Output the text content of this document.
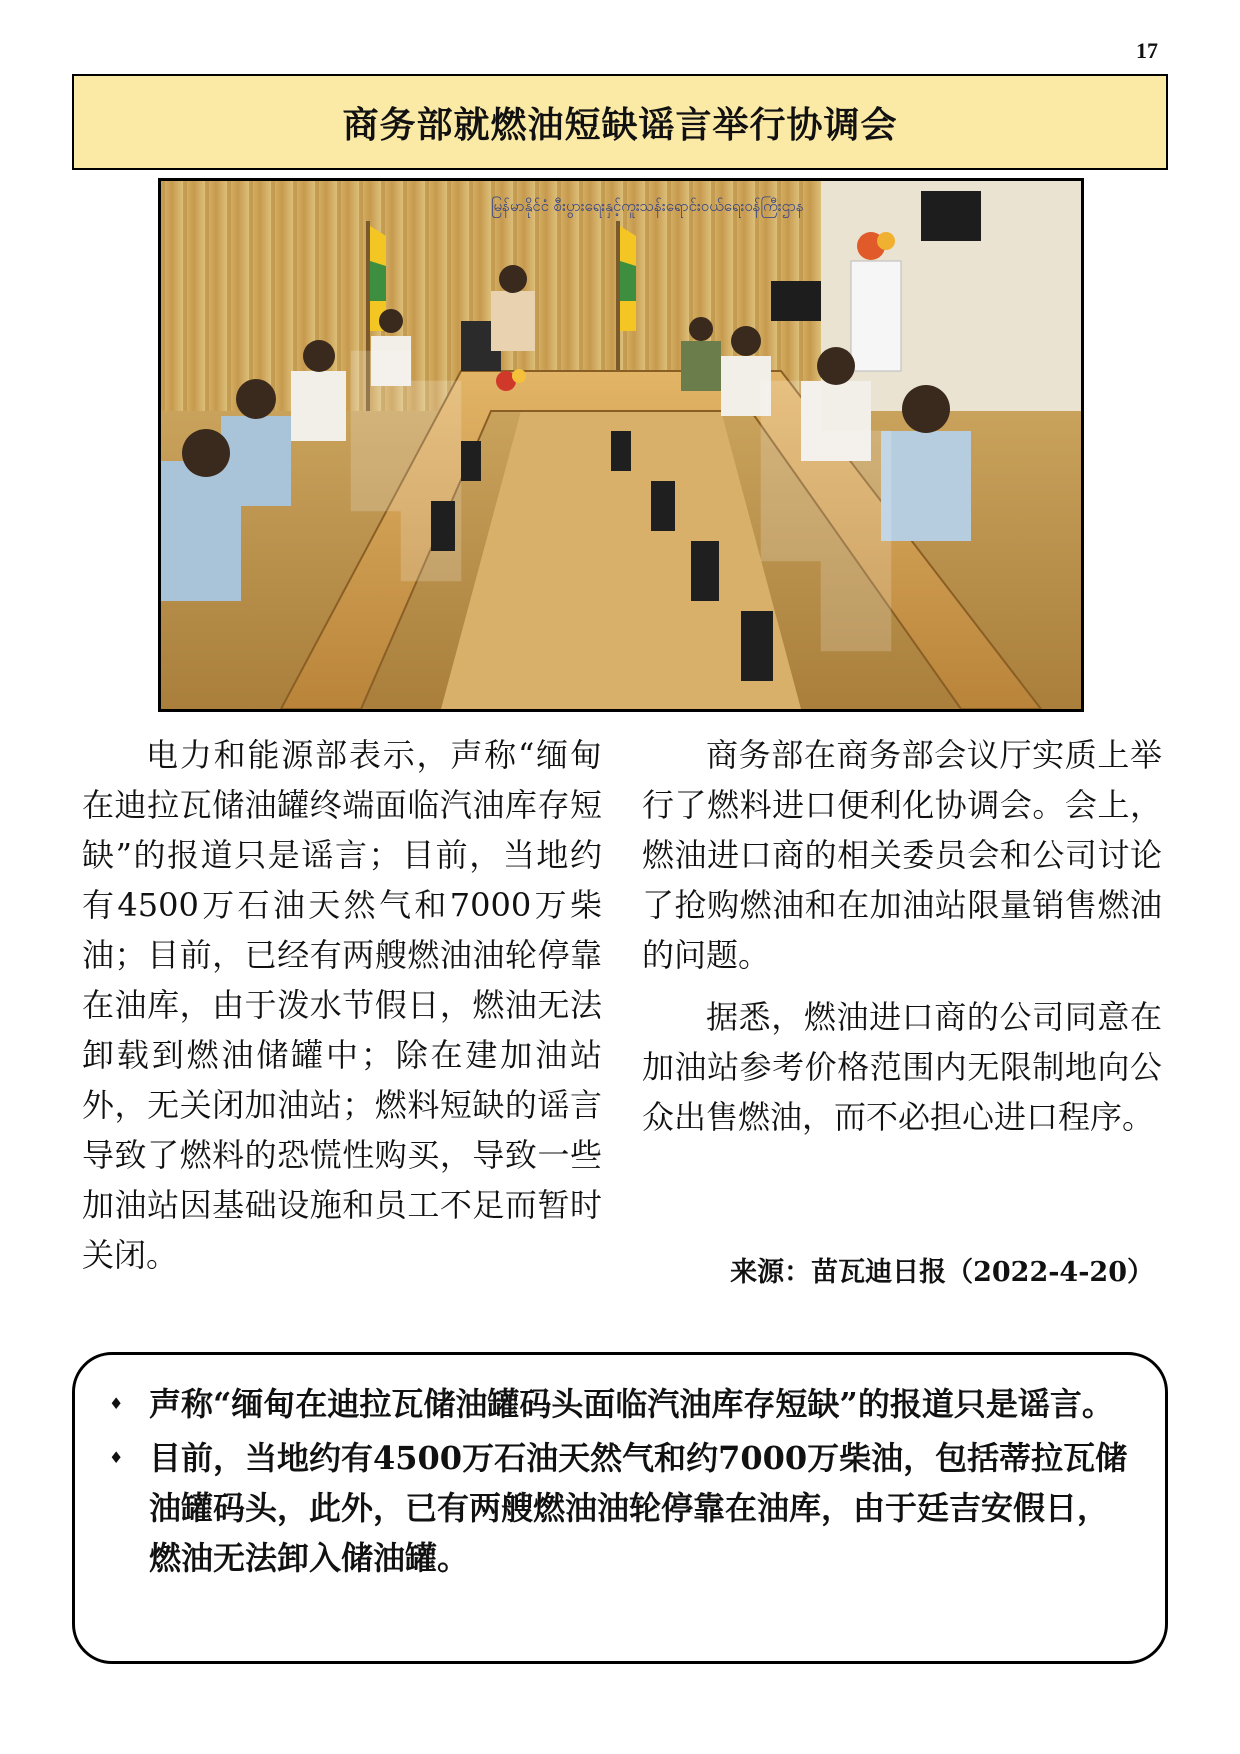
17
商务部就燃油短缺谣言举行协调会
မြန်မာနိုင်ငံ စီးပွားရေးနှင့်ကူးသန်းရောင်းဝယ်ရေးဝန်ကြီးဌာန

电力和能源部表示，声称“缅甸在迪拉瓦储油罐终端面临汽油库存短缺”的报道只是谣言；目前，当地约有4500万石油天然气和7000万柴油；目前，已经有两艘燃油油轮停靠在油库，由于泼水节假日，燃油无法卸载到燃油储罐中；除在建加油站外，无关闭加油站；燃料短缺的谣言导致了燃料的恐慌性购买，导致一些加油站因基础设施和员工不足而暂时关闭。

商务部在商务部会议厅实质上举行了燃料进口便利化协调会。会上，燃油进口商的相关委员会和公司讨论了抢购燃油和在加油站限量销售燃油的问题。

据悉，燃油进口商的公司同意在加油站参考价格范围内无限制地向公众出售燃油，而不必担心进口程序。

来源：苗瓦迪日报（2022-4-20）
♦ 声称“缅甸在迪拉瓦储油罐码头面临汽油库存短缺”的报道只是谣言。
♦ 目前，当地约有4500万石油天然气和约7000万柴油，包括蒂拉瓦储油罐码头，此外，已有两艘燃油油轮停靠在油库，由于廷吉安假日，燃油无法卸入储油罐。
